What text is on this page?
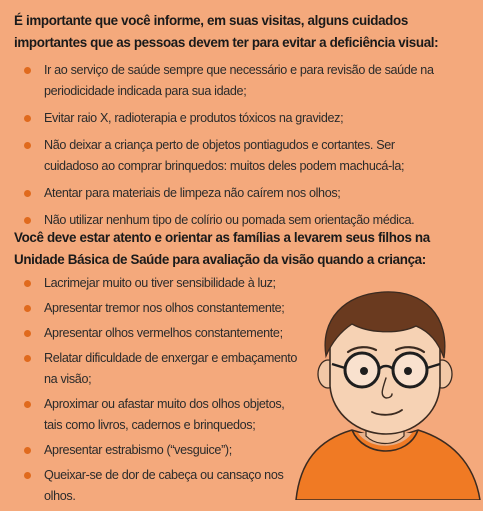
É importante que você informe, em suas visitas, alguns cuidados importantes que as pessoas devem ter para evitar a deficiência visual:
Ir ao serviço de saúde sempre que necessário e para revisão de saúde na periodicidade indicada para sua idade;
Evitar raio X, radioterapia e produtos tóxicos na gravidez;
Não deixar a criança perto de objetos pontiagudos e cortantes. Ser cuidadoso ao comprar brinquedos: muitos deles podem machucá-la;
Atentar para materiais de limpeza não caírem nos olhos;
Não utilizar nenhum tipo de colírio ou pomada sem orientação médica.
Você deve estar atento e orientar as famílias a levarem seus filhos na Unidade Básica de Saúde para avaliação da visão quando a criança:
Lacrimejar muito ou tiver sensibilidade à luz;
Apresentar tremor nos olhos constantemente;
Apresentar olhos vermelhos constantemente;
Relatar dificuldade de enxergar e embaçamento na visão;
Aproximar ou afastar muito dos olhos objetos, tais como livros, cadernos e brinquedos;
Apresentar estrabismo (“vesguice”);
Queixar-se de dor de cabeça ou cansaço nos olhos.
